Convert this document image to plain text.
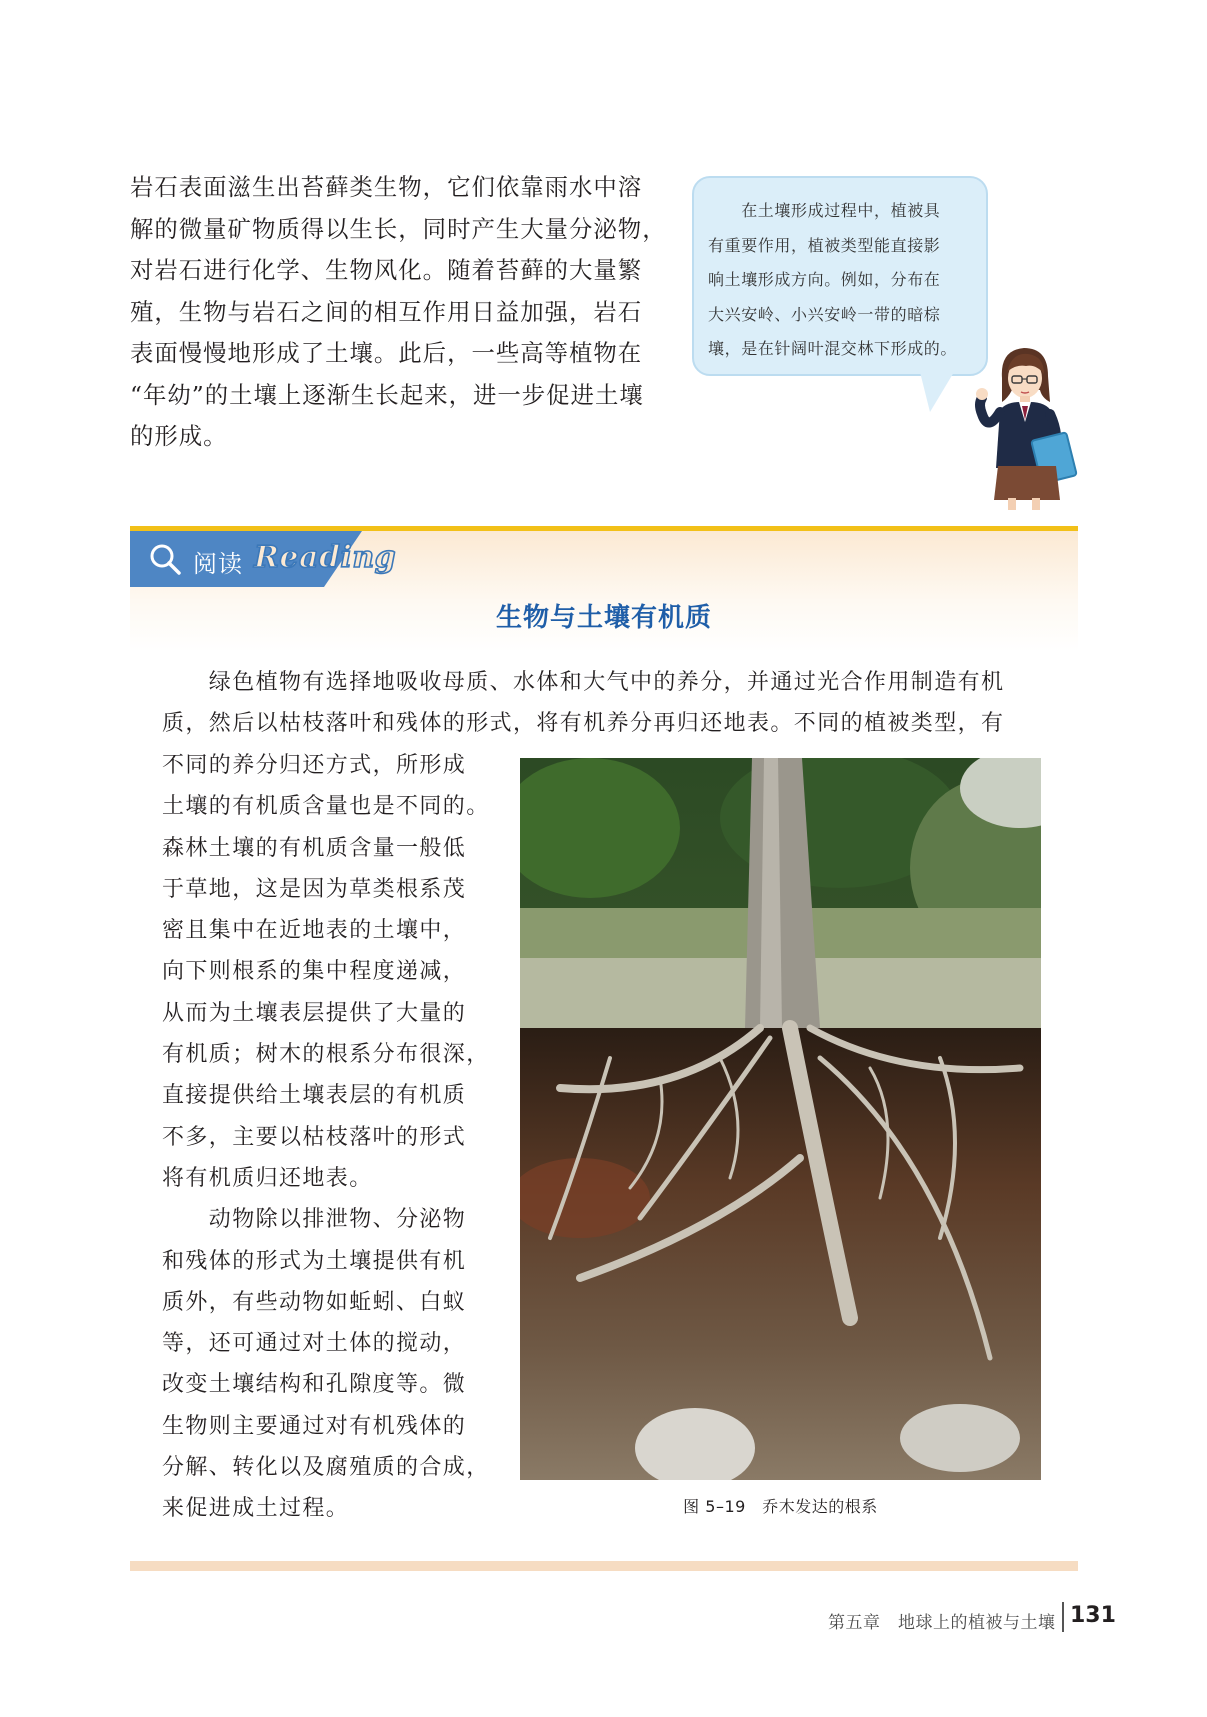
岩石表面滋生出苔藓类生物，它们依靠雨水中溶
解的微量矿物质得以生长，同时产生大量分泌物，
对岩石进行化学、生物风化。随着苔藓的大量繁
殖，生物与岩石之间的相互作用日益加强，岩石
表面慢慢地形成了土壤。此后，一些高等植物在
“年幼”的土壤上逐渐生长起来，进一步促进土壤
的形成。
　　在土壤形成过程中，植被具
有重要作用，植被类型能直接影
响土壤形成方向。例如，分布在
大兴安岭、小兴安岭一带的暗棕
壤，是在针阔叶混交林下形成的。
阅读 Reading
生物与土壤有机质
　　绿色植物有选择地吸收母质、水体和大气中的养分，并通过光合作用制造有机
质，然后以枯枝落叶和残体的形式，将有机养分再归还地表。不同的植被类型，有
不同的养分归还方式，所形成
土壤的有机质含量也是不同的。
森林土壤的有机质含量一般低
于草地，这是因为草类根系茂
密且集中在近地表的土壤中，
向下则根系的集中程度递减，
从而为土壤表层提供了大量的
有机质；树木的根系分布很深，
直接提供给土壤表层的有机质
不多，主要以枯枝落叶的形式
将有机质归还地表。
　　动物除以排泄物、分泌物
和残体的形式为土壤提供有机
质外，有些动物如蚯蚓、白蚁
等，还可通过对土体的搅动，
改变土壤结构和孔隙度等。微
生物则主要通过对有机残体的
分解、转化以及腐殖质的合成，
来促进成土过程。	图 5–19　乔木发达的根系
第五章　地球上的植被与土壤 131
